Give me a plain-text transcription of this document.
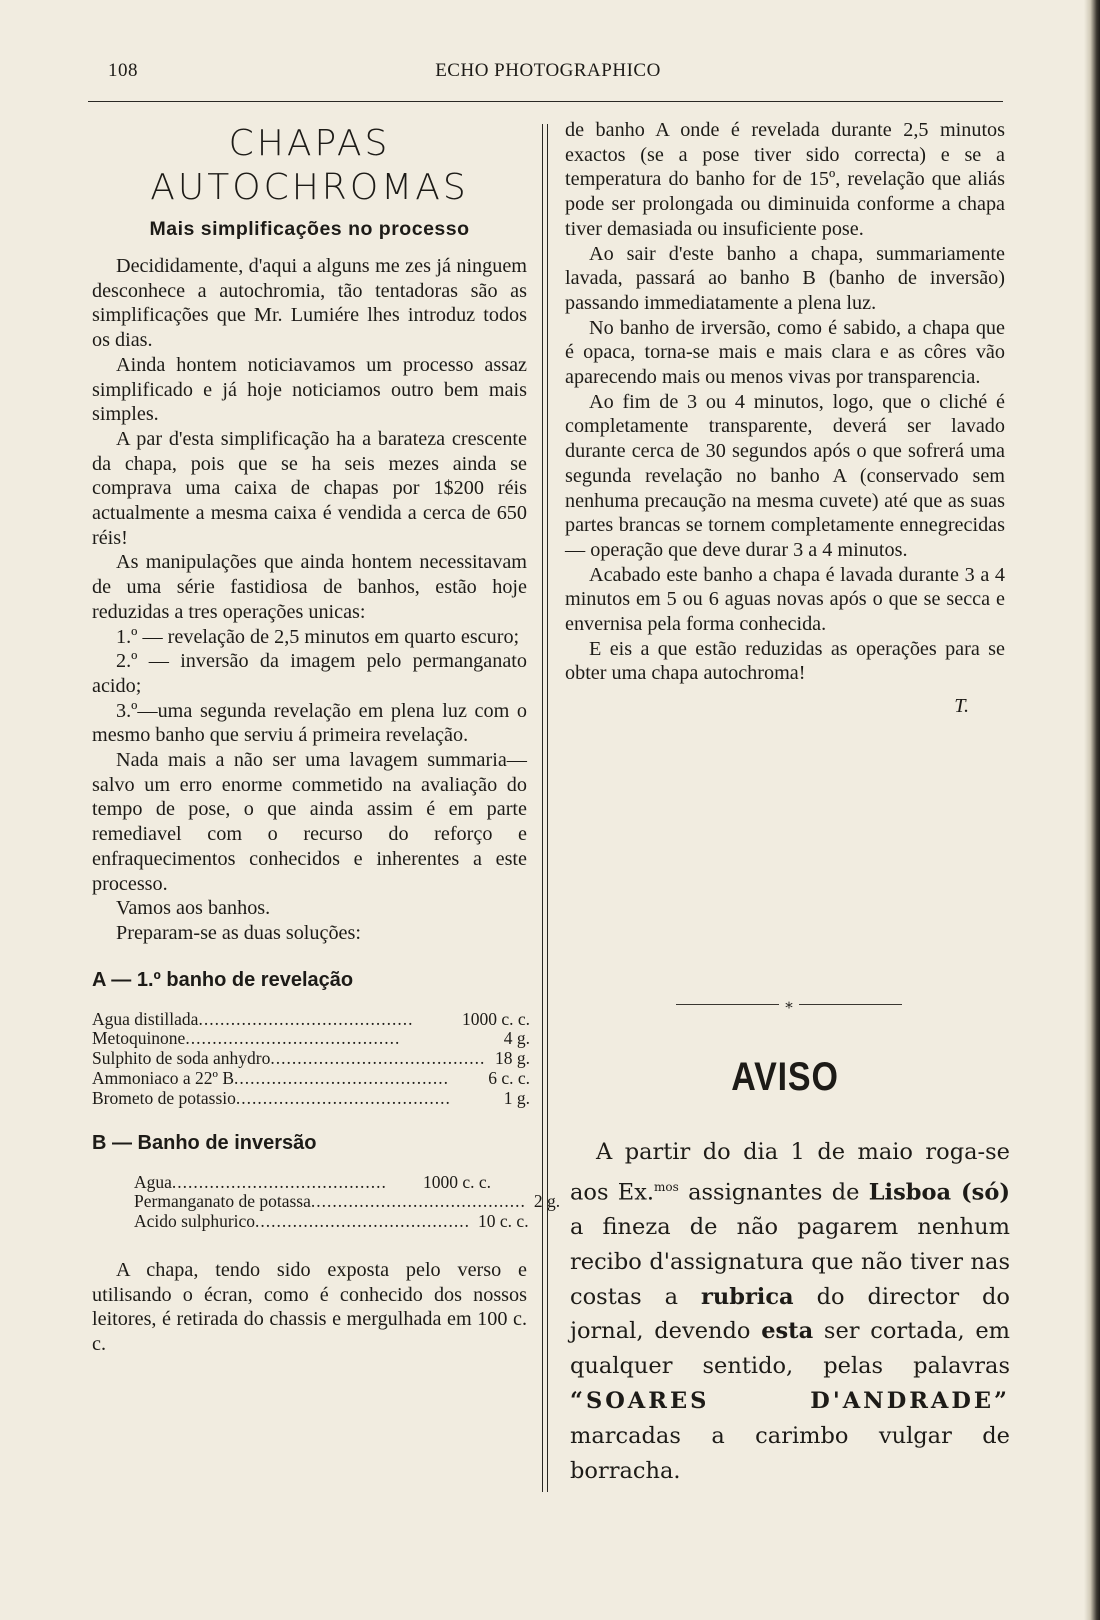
108	ECHO PHOTOGRAPHICO
CHAPAS AUTOCHROMAS
Mais simplificações no processo

Decididamente, d'aqui a alguns me zes já ninguem desconhece a autochromia, tão tentadoras são as simplificações que Mr. Lumiére lhes introduz todos os dias.

Ainda hontem noticiavamos um processo assaz simplificado e já hoje noticiamos outro bem mais simples.

A par d'esta simplificação ha a barateza crescente da chapa, pois que se ha seis mezes ainda se comprava uma caixa de chapas por 1$200 réis actualmente a mesma caixa é vendida a cerca de 650 réis!

As manipulações que ainda hontem necessitavam de uma série fastidiosa de banhos, estão hoje reduzidas a tres operações unicas:

1.º — revelação de 2,5 minutos em quarto escuro;

2.º — inversão da imagem pelo permanganato acido;

3.º—uma segunda revelação em plena luz com o mesmo banho que serviu á primeira revelação.

Nada mais a não ser uma lavagem summaria—salvo um erro enorme commetido na avaliação do tempo de pose, o que ainda assim é em parte remediavel com o recurso do reforço e enfraquecimentos conhecidos e inherentes a este processo.

Vamos aos banhos.

Preparam-se as duas soluções:

A — 1.º banho de revelação
Agua distillada ........................................	1000 c. c.
Metoquinone ........................................	4 g.
Sulphito de soda anhydro ........................................ 18 g.
Ammoniaco a 22º B ........................................	6 c. c.
Brometo de potassio ........................................	1 g.
B — Banho de inversão
Agua ........................................	1000 c. c.
Permanganato de potassa ........................................ 2 g.
Acido sulphurico ........................................ 10 c. c.

A chapa, tendo sido exposta pelo verso e utilisando o écran, como é conhecido dos nossos leitores, é retirada do chassis e mergulhada em 100 c. c.

de banho A onde é revelada durante 2,5 minutos exactos (se a pose tiver sido correcta) e se a temperatura do banho for de 15º, revelação que aliás pode ser prolongada ou diminuida conforme a chapa tiver demasiada ou insuficiente pose.

Ao sair d'este banho a chapa, summariamente lavada, passará ao banho B (banho de inversão) passando immediatamente a plena luz.

No banho de irversão, como é sabido, a chapa que é opaca, torna-se mais e mais clara e as côres vão aparecendo mais ou menos vivas por transparencia.

Ao fim de 3 ou 4 minutos, logo, que o cliché é completamente transparente, deverá ser lavado durante cerca de 30 segundos após o que sofrerá uma segunda revelação no banho A (conservado sem nenhuma precaução na mesma cuvete) até que as suas partes brancas se tornem completamente ennegrecidas — operação que deve durar 3 a 4 minutos.

Acabado este banho a chapa é lavada durante 3 a 4 minutos em 5 ou 6 aguas novas após o que se secca e envernisa pela forma conhecida.

E eis a que estão reduzidas as operações para se obter uma chapa autochroma!

T.
⁎
AVISO

A partir do dia 1 de maio roga-se aos Ex.$^{mos}$ assignantes de Lisboa (só) a fineza de não pagarem nenhum recibo d'assignatura que não tiver nas costas a rubrica do director do jornal, devendo esta ser cortada, em qualquer sentido, pelas palavras “SOARES D'ANDRADE” marcadas a carimbo vulgar de borracha.
